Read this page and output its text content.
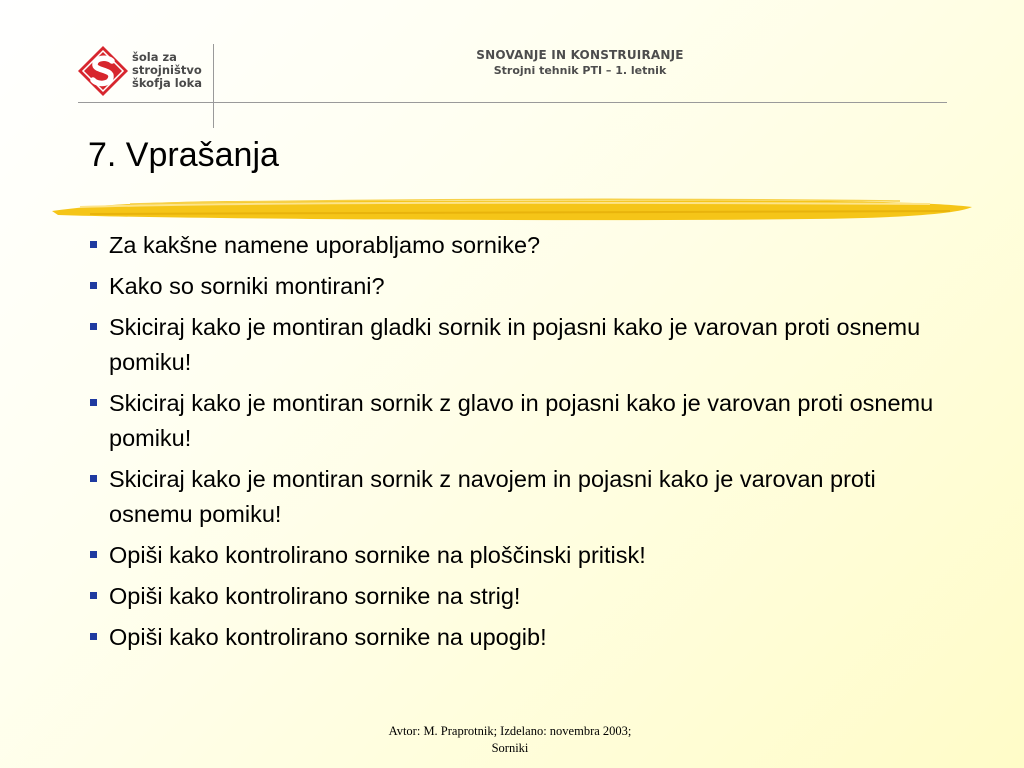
šola za
strojništvo
škofja loka

SNOVANJE IN KONSTRUIRANJE
Strojni tehnik PTI – 1. letnik
7. Vprašanja
Za kakšne namene uporabljamo sornike?
Kako so sorniki montirani?
Skiciraj kako je montiran gladki sornik in pojasni kako je varovan proti osnemu pomiku!
Skiciraj kako je montiran sornik z glavo in pojasni kako je varovan proti osnemu pomiku!
Skiciraj kako je montiran sornik z navojem in pojasni kako je varovan proti osnemu pomiku!
Opiši kako kontrolirano sornike na ploščinski pritisk!
Opiši kako kontrolirano sornike na strig!
Opiši kako kontrolirano sornike na upogib!
Avtor: M. Praprotnik; Izdelano: novembra 2003;
Sorniki
